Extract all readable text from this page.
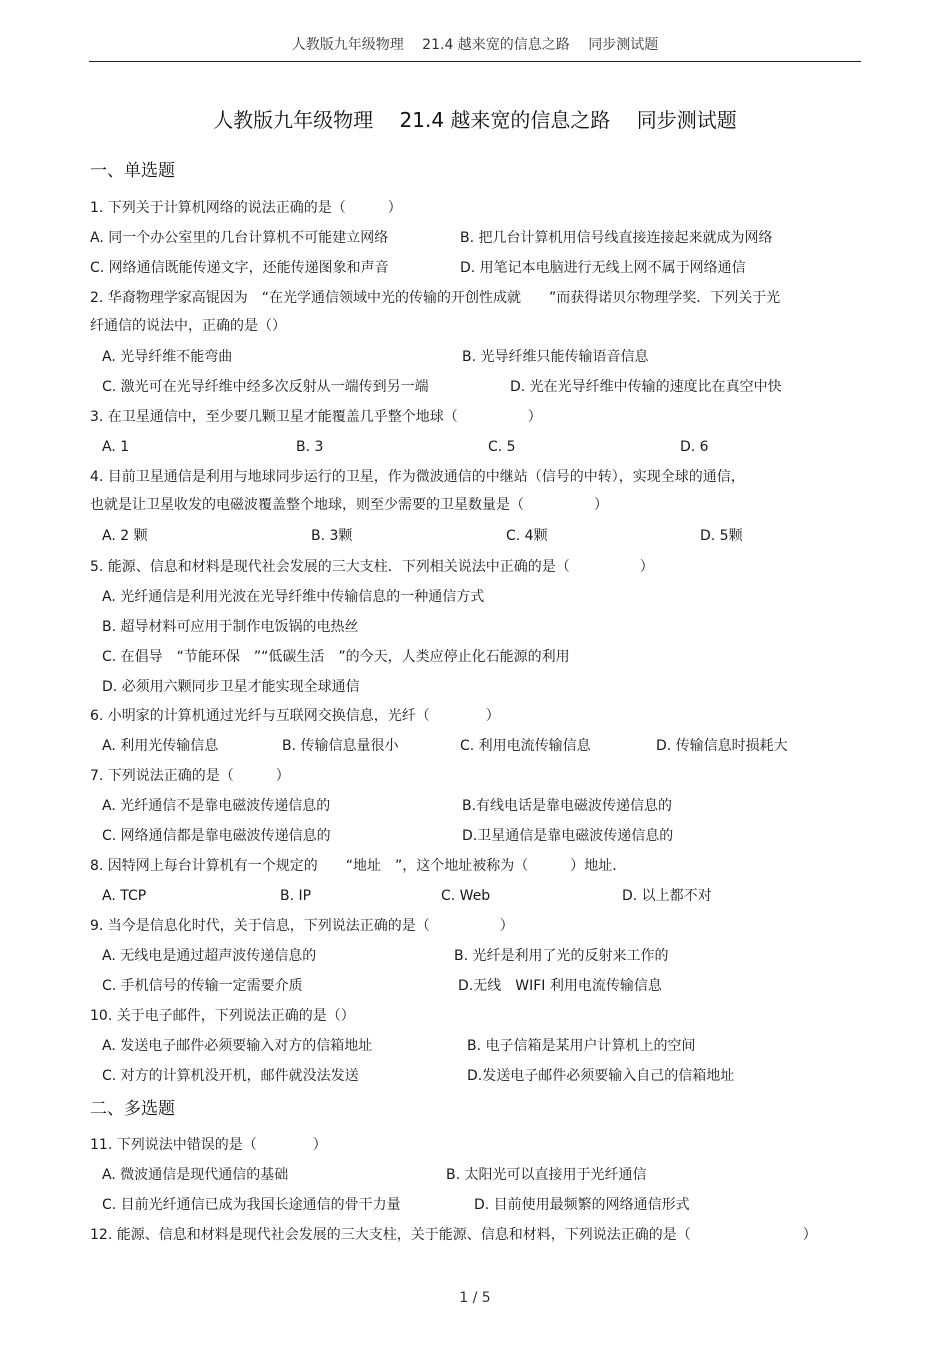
人教版九年级物理　 21.4 越来宽的信息之路　 同步测试题
人教版九年级物理　 21.4 越来宽的信息之路　 同步测试题
一、单选题
1. 下列关于计算机网络的说法正确的是（　　　）
A. 同一个办公室里的几台计算机不可能建立网络	B. 把几台计算机用信号线直接连接起来就成为网络
C. 网络通信既能传递文字，还能传递图象和声音	D. 用笔记本电脑进行无线上网不属于网络通信
2. 华裔物理学家高锟因为　“在光学通信领域中光的传输的开创性成就　　”而获得诺贝尔物理学奖．下列关于光
纤通信的说法中，正确的是（）
A. 光导纤维不能弯曲	B. 光导纤维只能传输语音信息
C. 激光可在光导纤维中经多次反射从一端传到另一端	D. 光在光导纤维中传输的速度比在真空中快
3. 在卫星通信中，至少要几颗卫星才能覆盖几乎整个地球（　　　　　）
A. 1	B. 3	C. 5	D. 6
4. 目前卫星通信是利用与地球同步运行的卫星，作为微波通信的中继站（信号的中转），实现全球的通信，
也就是让卫星收发的电磁波覆盖整个地球，则至少需要的卫星数量是（　　　　　）
A. 2 颗	B. 3颗	C. 4颗	D. 5颗
5. 能源、信息和材料是现代社会发展的三大支柱．下列相关说法中正确的是（　　　　　）
A. 光纤通信是利用光波在光导纤维中传输信息的一种通信方式
B. 超导材料可应用于制作电饭锅的电热丝
C. 在倡导　“节能环保　”“低碳生活　”的今天，人类应停止化石能源的利用
D. 必须用六颗同步卫星才能实现全球通信
6. 小明家的计算机通过光纤与互联网交换信息，光纤（　　　　）
A. 利用光传输信息	B. 传输信息量很小	C. 利用电流传输信息	D. 传输信息时损耗大
7. 下列说法正确的是（　　　）
A. 光纤通信不是靠电磁波传递信息的	B.有线电话是靠电磁波传递信息的
C. 网络通信都是靠电磁波传递信息的	D.卫星通信是靠电磁波传递信息的
8. 因特网上每台计算机有一个规定的　　“地址　”，这个地址被称为（　　　）地址．
A. TCP	B. IP	C. Web	D. 以上都不对
9. 当今是信息化时代，关于信息，下列说法正确的是（　　　　　）
A. 无线电是通过超声波传递信息的	B. 光纤是利用了光的反射来工作的
C. 手机信号的传输一定需要介质	D.无线　WIFI 利用电流传输信息
10. 关于电子邮件，下列说法正确的是（）
A. 发送电子邮件必须要输入对方的信箱地址	B. 电子信箱是某用户计算机上的空间
C. 对方的计算机没开机，邮件就没法发送	D.发送电子邮件必须要输入自己的信箱地址
二、多选题
11. 下列说法中错误的是（　　　　）
A. 微波通信是现代通信的基础	B. 太阳光可以直接用于光纤通信
C. 目前光纤通信已成为我国长途通信的骨干力量	D. 目前使用最频繁的网络通信形式
12. 能源、信息和材料是现代社会发展的三大支柱，关于能源、信息和材料，下列说法正确的是（　　　　　　　　）
1 / 5
